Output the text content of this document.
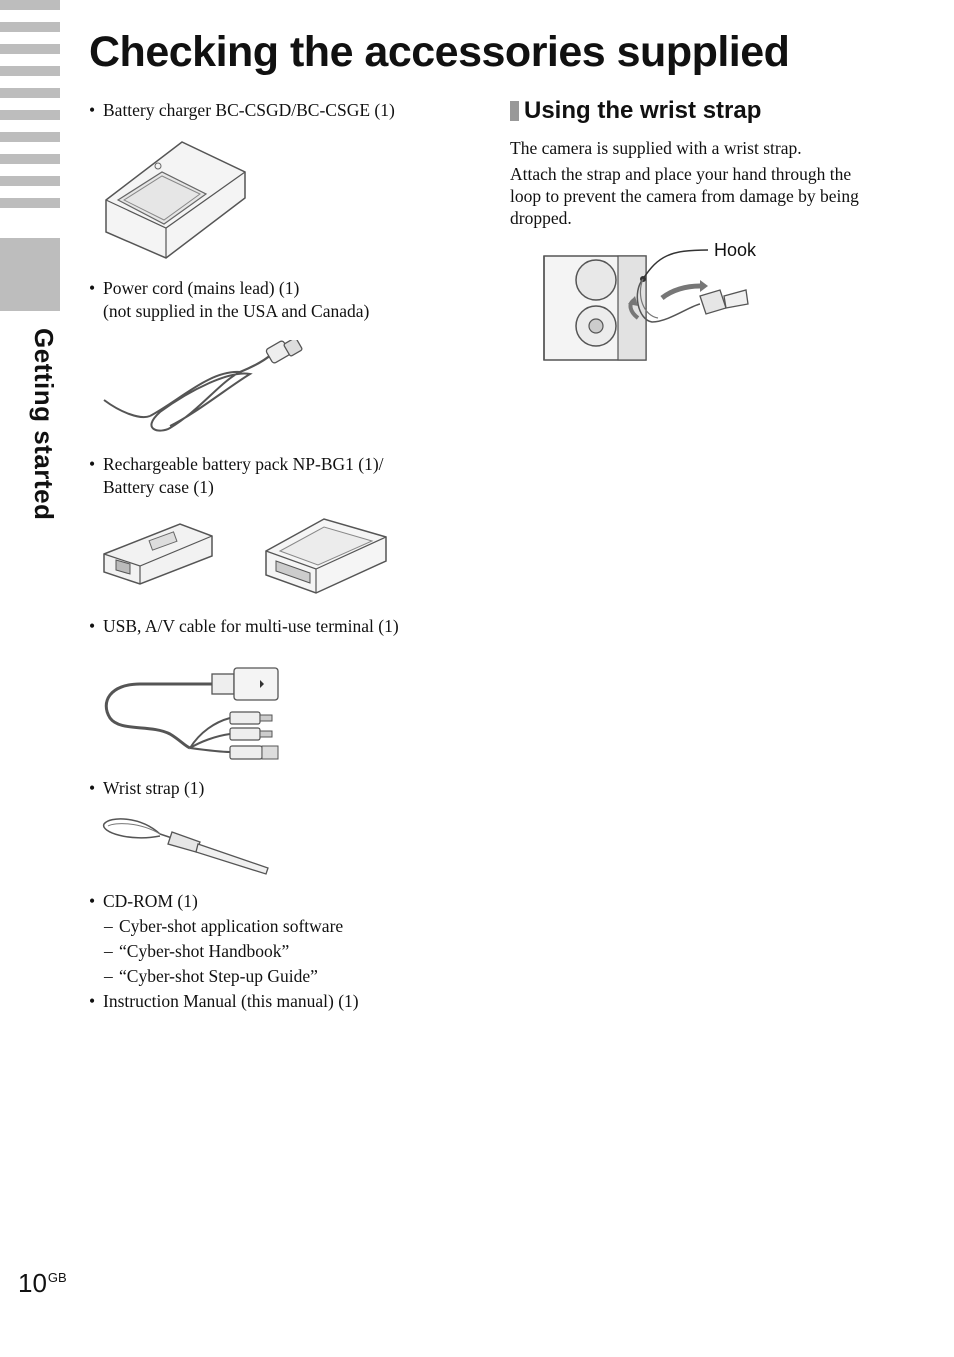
Getting started
Checking the accessories supplied
• Battery charger BC-CSGD/BC-CSGE (1)
• Power cord (mains lead) (1)
(not supplied in the USA and Canada)
• Rechargeable battery pack NP-BG1 (1)/
Battery case (1)
• USB, A/V cable for multi-use terminal (1)
• Wrist strap (1)
• CD-ROM (1)
– Cyber-shot application software
– “Cyber-shot Handbook”
– “Cyber-shot Step-up Guide”
• Instruction Manual (this manual) (1)
Using the wrist strap

The camera is supplied with a wrist strap.

Attach the strap and place your hand through the loop to prevent the camera from damage by being dropped.

Hook
$10^{GB}$
